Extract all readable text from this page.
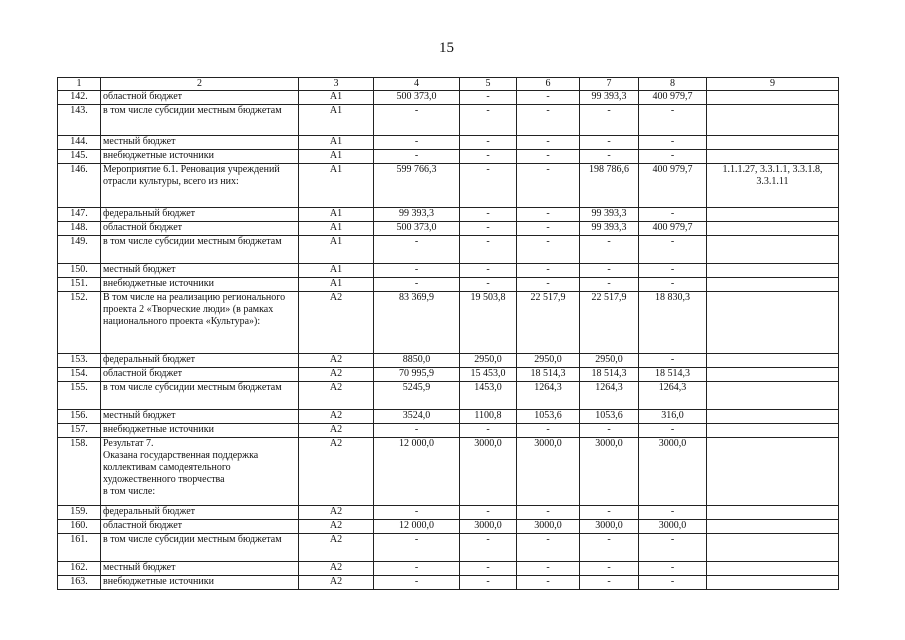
15
1	2	3	4	5	6	7	8	9
142.	областной бюджет	А1	500 373,0	-	-	99 393,3	400 979,7	
143.	в том числе субсидии местным бюджетам	А1	-	-	-	-	-	
144.	местный бюджет	А1	-	-	-	-	-	
145.	внебюджетные источники	А1	-	-	-	-	-	
146.	Мероприятие 6.1. Реновация учреждений отрасли культуры, всего из них:	А1	599 766,3	-	-	198 786,6	400 979,7	1.1.1.27, 3.3.1.1, 3.3.1.8, 3.3.1.11
147.	федеральный бюджет	А1	99 393,3	-	-	99 393,3	-	
148.	областной бюджет	А1	500 373,0	-	-	99 393,3	400 979,7	
149.	в том числе субсидии местным бюджетам	А1	-	-	-	-	-	
150.	местный бюджет	А1	-	-	-	-	-	
151.	внебюджетные источники	А1	-	-	-	-	-	
152.	В том числе на реализацию регионального проекта 2 «Творческие люди» (в рамках национального проекта «Культура»):	А2	83 369,9	19 503,8	22 517,9	22 517,9	18 830,3	
153.	федеральный бюджет	А2	8850,0	2950,0	2950,0	2950,0	-	
154.	областной бюджет	А2	70 995,9	15 453,0	18 514,3	18 514,3	18 514,3	
155.	в том числе субсидии местным бюджетам	А2	5245,9	1453,0	1264,3	1264,3	1264,3	
156.	местный бюджет	А2	3524,0	1100,8	1053,6	1053,6	316,0	
157.	внебюджетные источники	А2	-	-	-	-	-	
158.	Результат 7.
Оказана государственная поддержка коллективам самодеятельного художественного творчества
в том числе:	А2	12 000,0	3000,0	3000,0	3000,0	3000,0	
159.	федеральный бюджет	А2	-	-	-	-	-	
160.	областной бюджет	А2	12 000,0	3000,0	3000,0	3000,0	3000,0	
161.	в том числе субсидии местным бюджетам	А2	-	-	-	-	-	
162.	местный бюджет	А2	-	-	-	-	-	
163.	внебюджетные источники	А2	-	-	-	-	-	
